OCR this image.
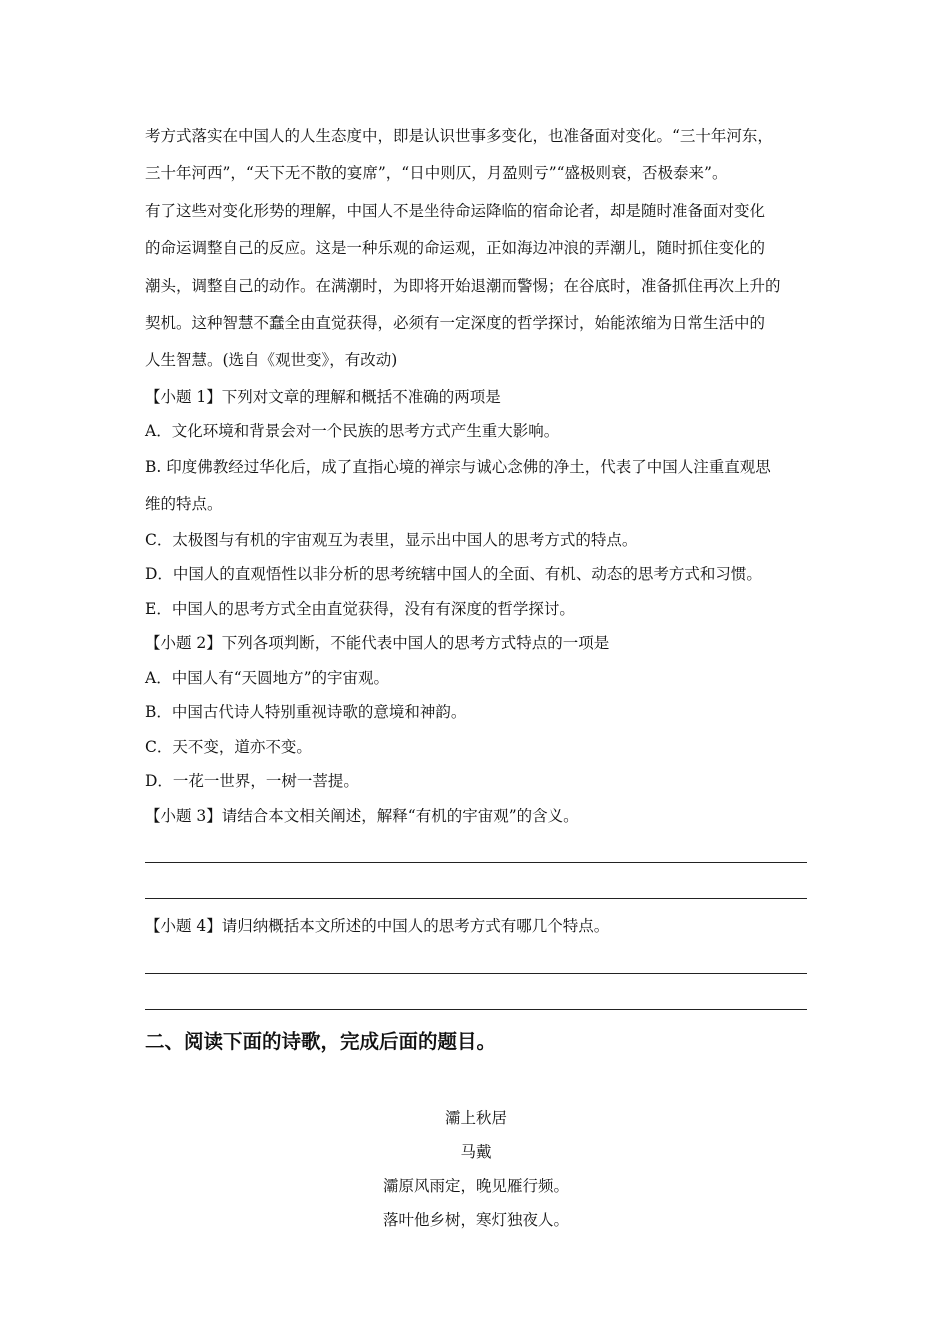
考方式落实在中国人的人生态度中，即是认识世事多变化，也准备面对变化。“三十年河东，
三十年河西”，“天下无不散的宴席”，“日中则仄，月盈则亏”“盛极则衰，否极泰来”。
有了这些对变化形势的理解，中国人不是坐待命运降临的宿命论者，却是随时准备面对变化
的命运调整自己的反应。这是一种乐观的命运观，正如海边冲浪的弄潮儿，随时抓住变化的
潮头，调整自己的动作。在满潮时，为即将开始退潮而警惕；在谷底时，准备抓住再次上升的
契机。这种智慧不蠢全由直觉获得，必须有一定深度的哲学探讨，始能浓缩为日常生活中的
人生智慧。(选自《观世变》，有改动)

【小题 1】下列对文章的理解和概括不准确的两项是

A．文化环境和背景会对一个民族的思考方式产生重大影响。

B. 印度佛教经过华化后，成了直指心境的禅宗与诚心念佛的净土，代表了中国人注重直观思
维的特点。

C．太极图与有机的宇宙观互为表里，显示出中国人的思考方式的特点。

D．中国人的直观悟性以非分析的思考统辖中国人的全面、有机、动态的思考方式和习惯。

E．中国人的思考方式全由直觉获得，没有有深度的哲学探讨。

【小题 2】下列各项判断，不能代表中国人的思考方式特点的一项是

A．中国人有“天圆地方”的宇宙观。

B．中国古代诗人特别重视诗歌的意境和神韵。

C．天不变，道亦不变。

D．一花一世界，一树一菩提。

【小题 3】请结合本文相关阐述，解释“有机的宇宙观”的含义。

【小题 4】请归纳概括本文所述的中国人的思考方式有哪几个特点。

二、阅读下面的诗歌，完成后面的题目。

灞上秋居
马戴
灞原风雨定，晚见雁行频。
落叶他乡树，寒灯独夜人。
